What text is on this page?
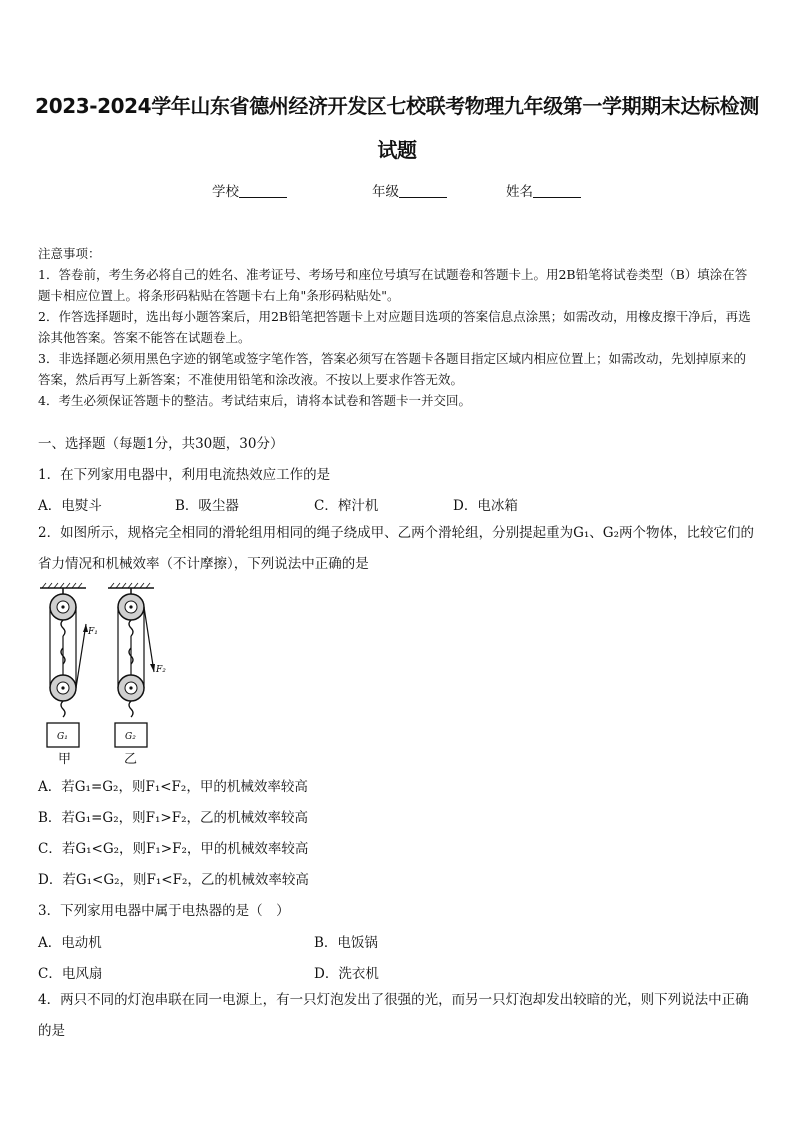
2023-2024学年山东省德州经济开发区七校联考物理九年级第一学期期末达标检测试题
学校	年级	姓名

注意事项：

1．答卷前，考生务必将自己的姓名、准考证号、考场号和座位号填写在试题卷和答题卡上。用2B铅笔将试卷类型（B）填涂在答题卡相应位置上。将条形码粘贴在答题卡右上角"条形码粘贴处"。

2．作答选择题时，选出每小题答案后，用2B铅笔把答题卡上对应题目选项的答案信息点涂黑；如需改动，用橡皮擦干净后，再选涂其他答案。答案不能答在试题卷上。

3．非选择题必须用黑色字迹的钢笔或签字笔作答，答案必须写在答题卡各题目指定区域内相应位置上；如需改动，先划掉原来的答案，然后再写上新答案；不准使用铅笔和涂改液。不按以上要求作答无效。

4．考生必须保证答题卡的整洁。考试结束后，请将本试卷和答题卡一并交回。

一、选择题（每题1分，共30题，30分）
1．在下列家用电器中，利用电流热效应工作的是
A．电熨斗	B．吸尘器	C．榨汁机	D．电冰箱

2．如图所示，规格完全相同的滑轮组用相同的绳子绕成甲、乙两个滑轮组，分别提起重为G₁、G₂两个物体，比较它们的省力情况和机械效率（不计摩擦），下列说法中正确的是

F₁
G₁
F₂
G₂
甲	乙
A．若G₁=G₂，则F₁<F₂，甲的机械效率较高
B．若G₁=G₂，则F₁>F₂，乙的机械效率较高
C．若G₁<G₂，则F₁>F₂，甲的机械效率较高
D．若G₁<G₂，则F₁<F₂，乙的机械效率较高
3．下列家用电器中属于电热器的是（　）
A．电动机	B．电饭锅
C．电风扇	D．洗衣机

4．两只不同的灯泡串联在同一电源上，有一只灯泡发出了很强的光，而另一只灯泡却发出较暗的光，则下列说法中正确的是
